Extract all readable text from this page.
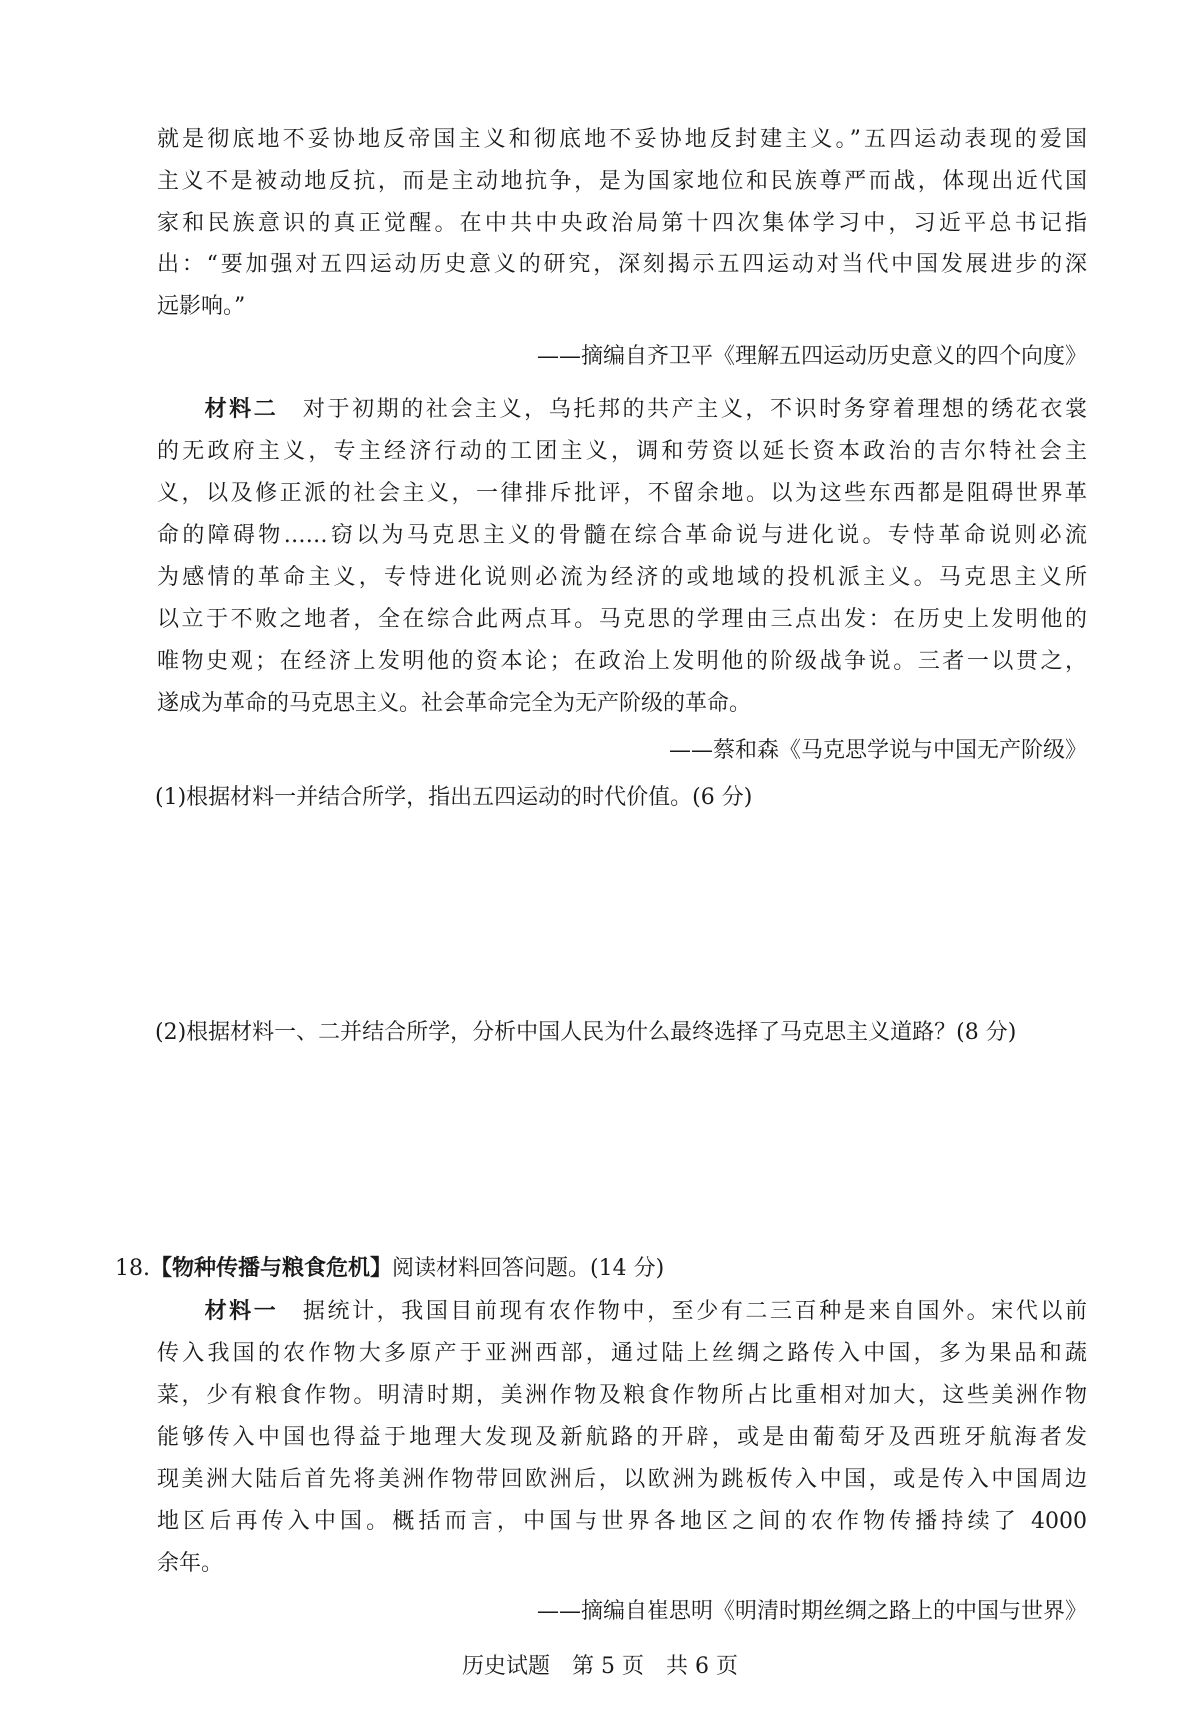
就是彻底地不妥协地反帝国主义和彻底地不妥协地反封建主义。”五四运动表现的爱国
主义不是被动地反抗，而是主动地抗争，是为国家地位和民族尊严而战，体现出近代国
家和民族意识的真正觉醒。在中共中央政治局第十四次集体学习中，习近平总书记指
出：“要加强对五四运动历史意义的研究，深刻揭示五四运动对当代中国发展进步的深
远影响。”
——摘编自齐卫平《理解五四运动历史意义的四个向度》
材料二 对于初期的社会主义，乌托邦的共产主义，不识时务穿着理想的绣花衣裳
的无政府主义，专主经济行动的工团主义，调和劳资以延长资本政治的吉尔特社会主
义，以及修正派的社会主义，一律排斥批评，不留余地。以为这些东西都是阻碍世界革
命的障碍物……窃以为马克思主义的骨髓在综合革命说与进化说。专恃革命说则必流
为感情的革命主义，专恃进化说则必流为经济的或地域的投机派主义。马克思主义所
以立于不败之地者，全在综合此两点耳。马克思的学理由三点出发：在历史上发明他的
唯物史观；在经济上发明他的资本论；在政治上发明他的阶级战争说。三者一以贯之，
遂成为革命的马克思主义。社会革命完全为无产阶级的革命。
——蔡和森《马克思学说与中国无产阶级》
(1)根据材料一并结合所学，指出五四运动的时代价值。(6 分)
(2)根据材料一、二并结合所学，分析中国人民为什么最终选择了马克思主义道路？(8 分)
18.【物种传播与粮食危机】阅读材料回答问题。(14 分)
材料一 据统计，我国目前现有农作物中，至少有二三百种是来自国外。宋代以前
传入我国的农作物大多原产于亚洲西部，通过陆上丝绸之路传入中国，多为果品和蔬
菜，少有粮食作物。明清时期，美洲作物及粮食作物所占比重相对加大，这些美洲作物
能够传入中国也得益于地理大发现及新航路的开辟，或是由葡萄牙及西班牙航海者发
现美洲大陆后首先将美洲作物带回欧洲后，以欧洲为跳板传入中国，或是传入中国周边
地区后再传入中国。概括而言，中国与世界各地区之间的农作物传播持续了 4000
余年。
——摘编自崔思明《明清时期丝绸之路上的中国与世界》
历史试题　第 5 页　共 6 页
